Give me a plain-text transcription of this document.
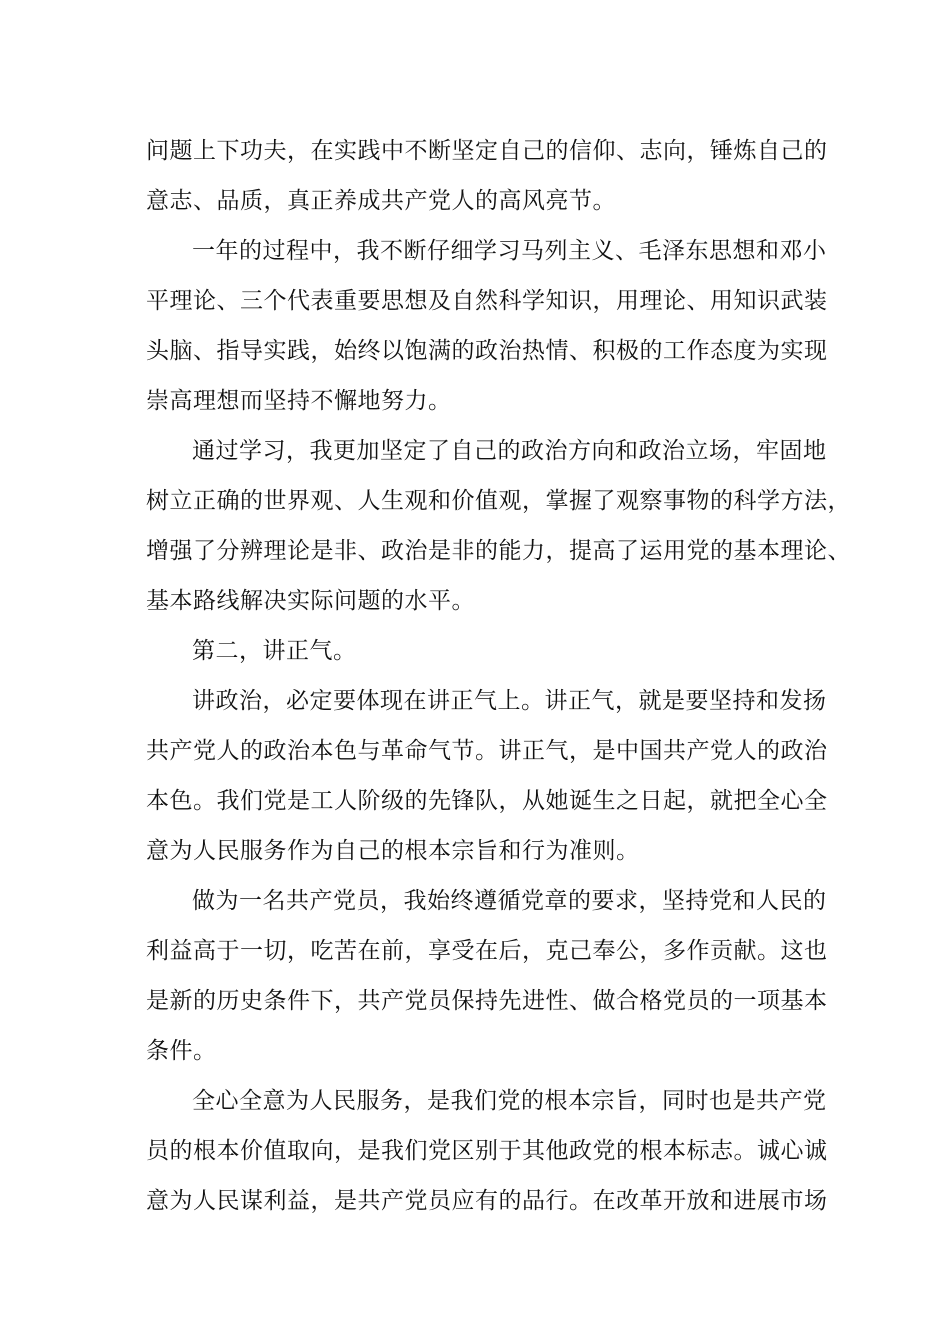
问题上下功夫，在实践中不断坚定自己的信仰、志向，锤炼自己的
意志、品质，真正养成共产党人的高风亮节。
一年的过程中，我不断仔细学习马列主义、毛泽东思想和邓小
平理论、三个代表重要思想及自然科学知识，用理论、用知识武装
头脑、指导实践，始终以饱满的政治热情、积极的工作态度为实现
崇高理想而坚持不懈地努力。
通过学习，我更加坚定了自己的政治方向和政治立场，牢固地
树立正确的世界观、人生观和价值观，掌握了观察事物的科学方法，
增强了分辨理论是非、政治是非的能力，提高了运用党的基本理论、
基本路线解决实际问题的水平。
第二，讲正气。
讲政治，必定要体现在讲正气上。讲正气，就是要坚持和发扬
共产党人的政治本色与革命气节。讲正气，是中国共产党人的政治
本色。我们党是工人阶级的先锋队，从她诞生之日起，就把全心全
意为人民服务作为自己的根本宗旨和行为准则。
做为一名共产党员，我始终遵循党章的要求，坚持党和人民的
利益高于一切，吃苦在前，享受在后，克己奉公，多作贡献。这也
是新的历史条件下，共产党员保持先进性、做合格党员的一项基本
条件。
全心全意为人民服务，是我们党的根本宗旨，同时也是共产党
员的根本价值取向，是我们党区别于其他政党的根本标志。诚心诚
意为人民谋利益，是共产党员应有的品行。在改革开放和进展市场
